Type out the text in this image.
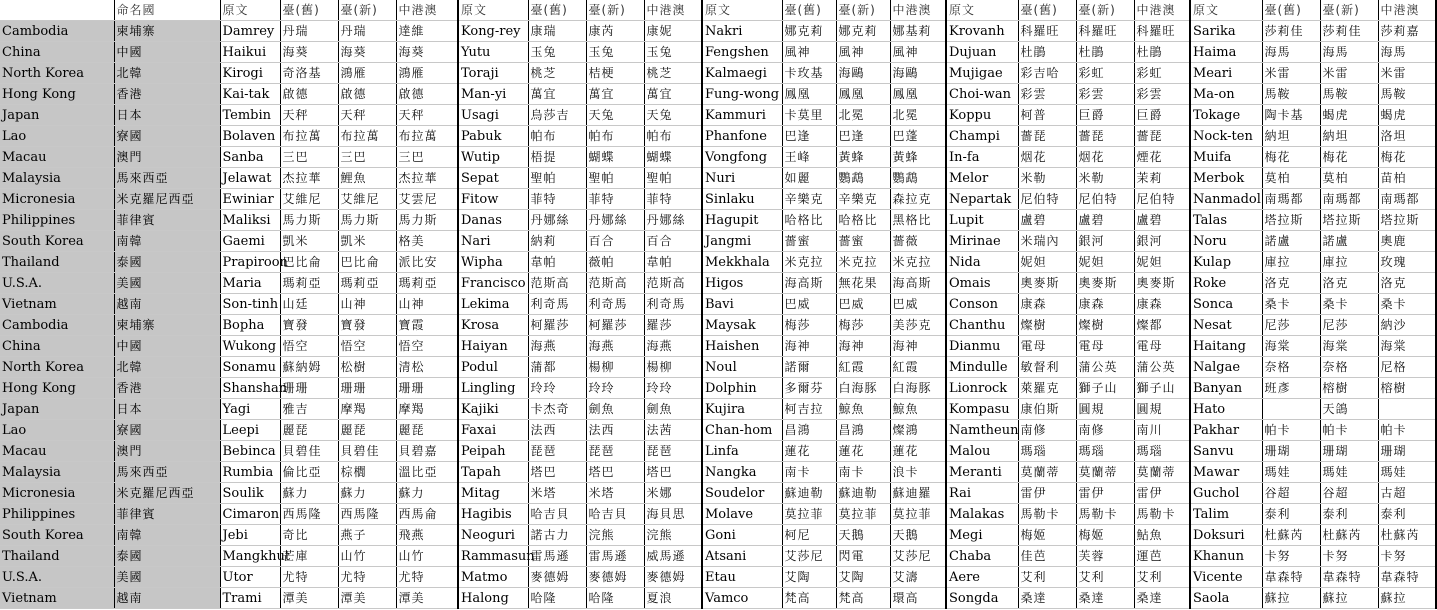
	命名國	原文	臺(舊)	臺(新)	中港澳	原文	臺(舊)	臺(新)	中港澳	原文	臺(舊)	臺(新)	中港澳	原文	臺(舊)	臺(新)	中港澳	原文	臺(舊)	臺(新)	中港澳
Cambodia	柬埔寨	Damrey	丹瑞	丹瑞	達維	Kong-rey	康瑞	康芮	康妮	Nakri	娜克莉	娜克莉	娜基莉	Krovanh	科羅旺	科羅旺	科羅旺	Sarika	莎莉佳	莎莉佳	莎莉嘉
China	中國	Haikui	海葵	海葵	海葵	Yutu	玉兔	玉兔	玉兔	Fengshen	風神	風神	風神	Dujuan	杜鵑	杜鵑	杜鵑	Haima	海馬	海馬	海馬
North Korea	北韓	Kirogi	奇洛基	鴻雁	鴻雁	Toraji	桃芝	桔梗	桃芝	Kalmaegi	卡玫基	海鷗	海鷗	Mujigae	彩吉哈	彩虹	彩虹	Meari	米雷	米雷	米雷
Hong Kong	香港	Kai-tak	啟德	啟德	啟德	Man-yi	萬宜	萬宜	萬宜	Fung-wong	鳳凰	鳳凰	鳳凰	Choi-wan	彩雲	彩雲	彩雲	Ma-on	馬鞍	馬鞍	馬鞍
Japan	日本	Tembin	天秤	天秤	天秤	Usagi	烏莎吉	天兔	天兔	Kammuri	卡莫里	北冕	北冕	Koppu	柯普	巨爵	巨爵	Tokage	陶卡基	蝎虎	蝎虎
Lao	寮國	Bolaven	布拉萬	布拉萬	布拉萬	Pabuk	帕布	帕布	帕布	Phanfone	巴逢	巴逢	巴蓬	Champi	薔琵	薔琵	薔琵	Nock-ten	納坦	納坦	洛坦
Macau	澳門	Sanba	三巴	三巴	三巴	Wutip	梧提	蝴蝶	蝴蝶	Vongfong	王峰	黃蜂	黃蜂	In-fa	烟花	烟花	煙花	Muifa	梅花	梅花	梅花
Malaysia	馬來西亞	Jelawat	杰拉華	鯉魚	杰拉華	Sepat	聖帕	聖帕	聖帕	Nuri	如麗	鸚鵡	鸚鵡	Melor	米勒	米勒	茉莉	Merbok	莫柏	莫柏	苗柏
Micronesia	米克羅尼西亞	Ewiniar	艾維尼	艾維尼	艾雲尼	Fitow	菲特	菲特	菲特	Sinlaku	辛樂克	辛樂克	森拉克	Nepartak	尼伯特	尼伯特	尼伯特	Nanmadol	南瑪都	南瑪都	南瑪都
Philippines	菲律賓	Maliksi	馬力斯	馬力斯	馬力斯	Danas	丹娜絲	丹娜絲	丹娜絲	Hagupit	哈格比	哈格比	黑格比	Lupit	盧碧	盧碧	盧碧	Talas	塔拉斯	塔拉斯	塔拉斯
South Korea	南韓	Gaemi	凱米	凱米	格美	Nari	納莉	百合	百合	Jangmi	薔蜜	薔蜜	薔薇	Mirinae	米瑞內	銀河	銀河	Noru	諾盧	諾盧	奧鹿
Thailand	泰國	Prapiroon	巴比侖	巴比侖	派比安	Wipha	韋帕	薇帕	韋帕	Mekkhala	米克拉	米克拉	米克拉	Nida	妮妲	妮妲	妮妲	Kulap	庫拉	庫拉	玫瑰
U.S.A.	美國	Maria	瑪莉亞	瑪莉亞	瑪莉亞	Francisco	范斯高	范斯高	范斯高	Higos	海高斯	無花果	海高斯	Omais	奧麥斯	奧麥斯	奧麥斯	Roke	洛克	洛克	洛克
Vietnam	越南	Son-tinh	山廷	山神	山神	Lekima	利奇馬	利奇馬	利奇馬	Bavi	巴威	巴威	巴威	Conson	康森	康森	康森	Sonca	桑卡	桑卡	桑卡
Cambodia	柬埔寨	Bopha	寶發	寶發	寶霞	Krosa	柯羅莎	柯羅莎	羅莎	Maysak	梅莎	梅莎	美莎克	Chanthu	燦樹	燦樹	燦都	Nesat	尼莎	尼莎	納沙
China	中國	Wukong	悟空	悟空	悟空	Haiyan	海燕	海燕	海燕	Haishen	海神	海神	海神	Dianmu	電母	電母	電母	Haitang	海棠	海棠	海棠
North Korea	北韓	Sonamu	蘇納姆	松樹	清松	Podul	蒲都	楊柳	楊柳	Noul	諾爾	紅霞	紅霞	Mindulle	敏督利	蒲公英	蒲公英	Nalgae	奈格	奈格	尼格
Hong Kong	香港	Shanshan	珊珊	珊珊	珊珊	Lingling	玲玲	玲玲	玲玲	Dolphin	多爾芬	白海豚	白海豚	Lionrock	萊羅克	獅子山	獅子山	Banyan	班彥	榕樹	榕樹
Japan	日本	Yagi	雅吉	摩羯	摩羯	Kajiki	卡杰奇	劍魚	劍魚	Kujira	柯吉拉	鯨魚	鯨魚	Kompasu	康伯斯	圓規	圓規	Hato		天鴿	
Lao	寮國	Leepi	麗琵	麗琵	麗琵	Faxai	法西	法西	法茜	Chan-hom	昌鴻	昌鴻	燦鴻	Namtheun	南修	南修	南川	Pakhar	帕卡	帕卡	帕卡
Macau	澳門	Bebinca	貝碧佳	貝碧佳	貝碧嘉	Peipah	琵琶	琵琶	琵琶	Linfa	蓮花	蓮花	蓮花	Malou	瑪瑙	瑪瑙	瑪瑙	Sanvu	珊瑚	珊瑚	珊瑚
Malaysia	馬來西亞	Rumbia	倫比亞	棕櫚	溫比亞	Tapah	塔巴	塔巴	塔巴	Nangka	南卡	南卡	浪卡	Meranti	莫蘭蒂	莫蘭蒂	莫蘭蒂	Mawar	瑪娃	瑪娃	瑪娃
Micronesia	米克羅尼西亞	Soulik	蘇力	蘇力	蘇力	Mitag	米塔	米塔	米娜	Soudelor	蘇迪勒	蘇迪勒	蘇迪羅	Rai	雷伊	雷伊	雷伊	Guchol	谷超	谷超	古超
Philippines	菲律賓	Cimaron	西馬隆	西馬隆	西馬侖	Hagibis	哈吉貝	哈吉貝	海貝思	Molave	莫拉菲	莫拉菲	莫拉菲	Malakas	馬勒卡	馬勒卡	馬勒卡	Talim	泰利	泰利	泰利
South Korea	南韓	Jebi	奇比	燕子	飛燕	Neoguri	諾古力	浣熊	浣熊	Goni	柯尼	天鵝	天鵝	Megi	梅姬	梅姬	鮎魚	Doksuri	杜蘇芮	杜蘇芮	杜蘇芮
Thailand	泰國	Mangkhut	芒庫	山竹	山竹	Rammasun	雷馬遜	雷馬遜	威馬遜	Atsani	艾莎尼	閃電	艾莎尼	Chaba	佳芭	芙蓉	運芭	Khanun	卡努	卡努	卡努
U.S.A.	美國	Utor	尤特	尤特	尤特	Matmo	麥德姆	麥德姆	麥德姆	Etau	艾陶	艾陶	艾濤	Aere	艾利	艾利	艾利	Vicente	韋森特	韋森特	韋森特
Vietnam	越南	Trami	潭美	潭美	潭美	Halong	哈隆	哈隆	夏浪	Vamco	梵高	梵高	環高	Songda	桑達	桑達	桑達	Saola	蘇拉	蘇拉	蘇拉
